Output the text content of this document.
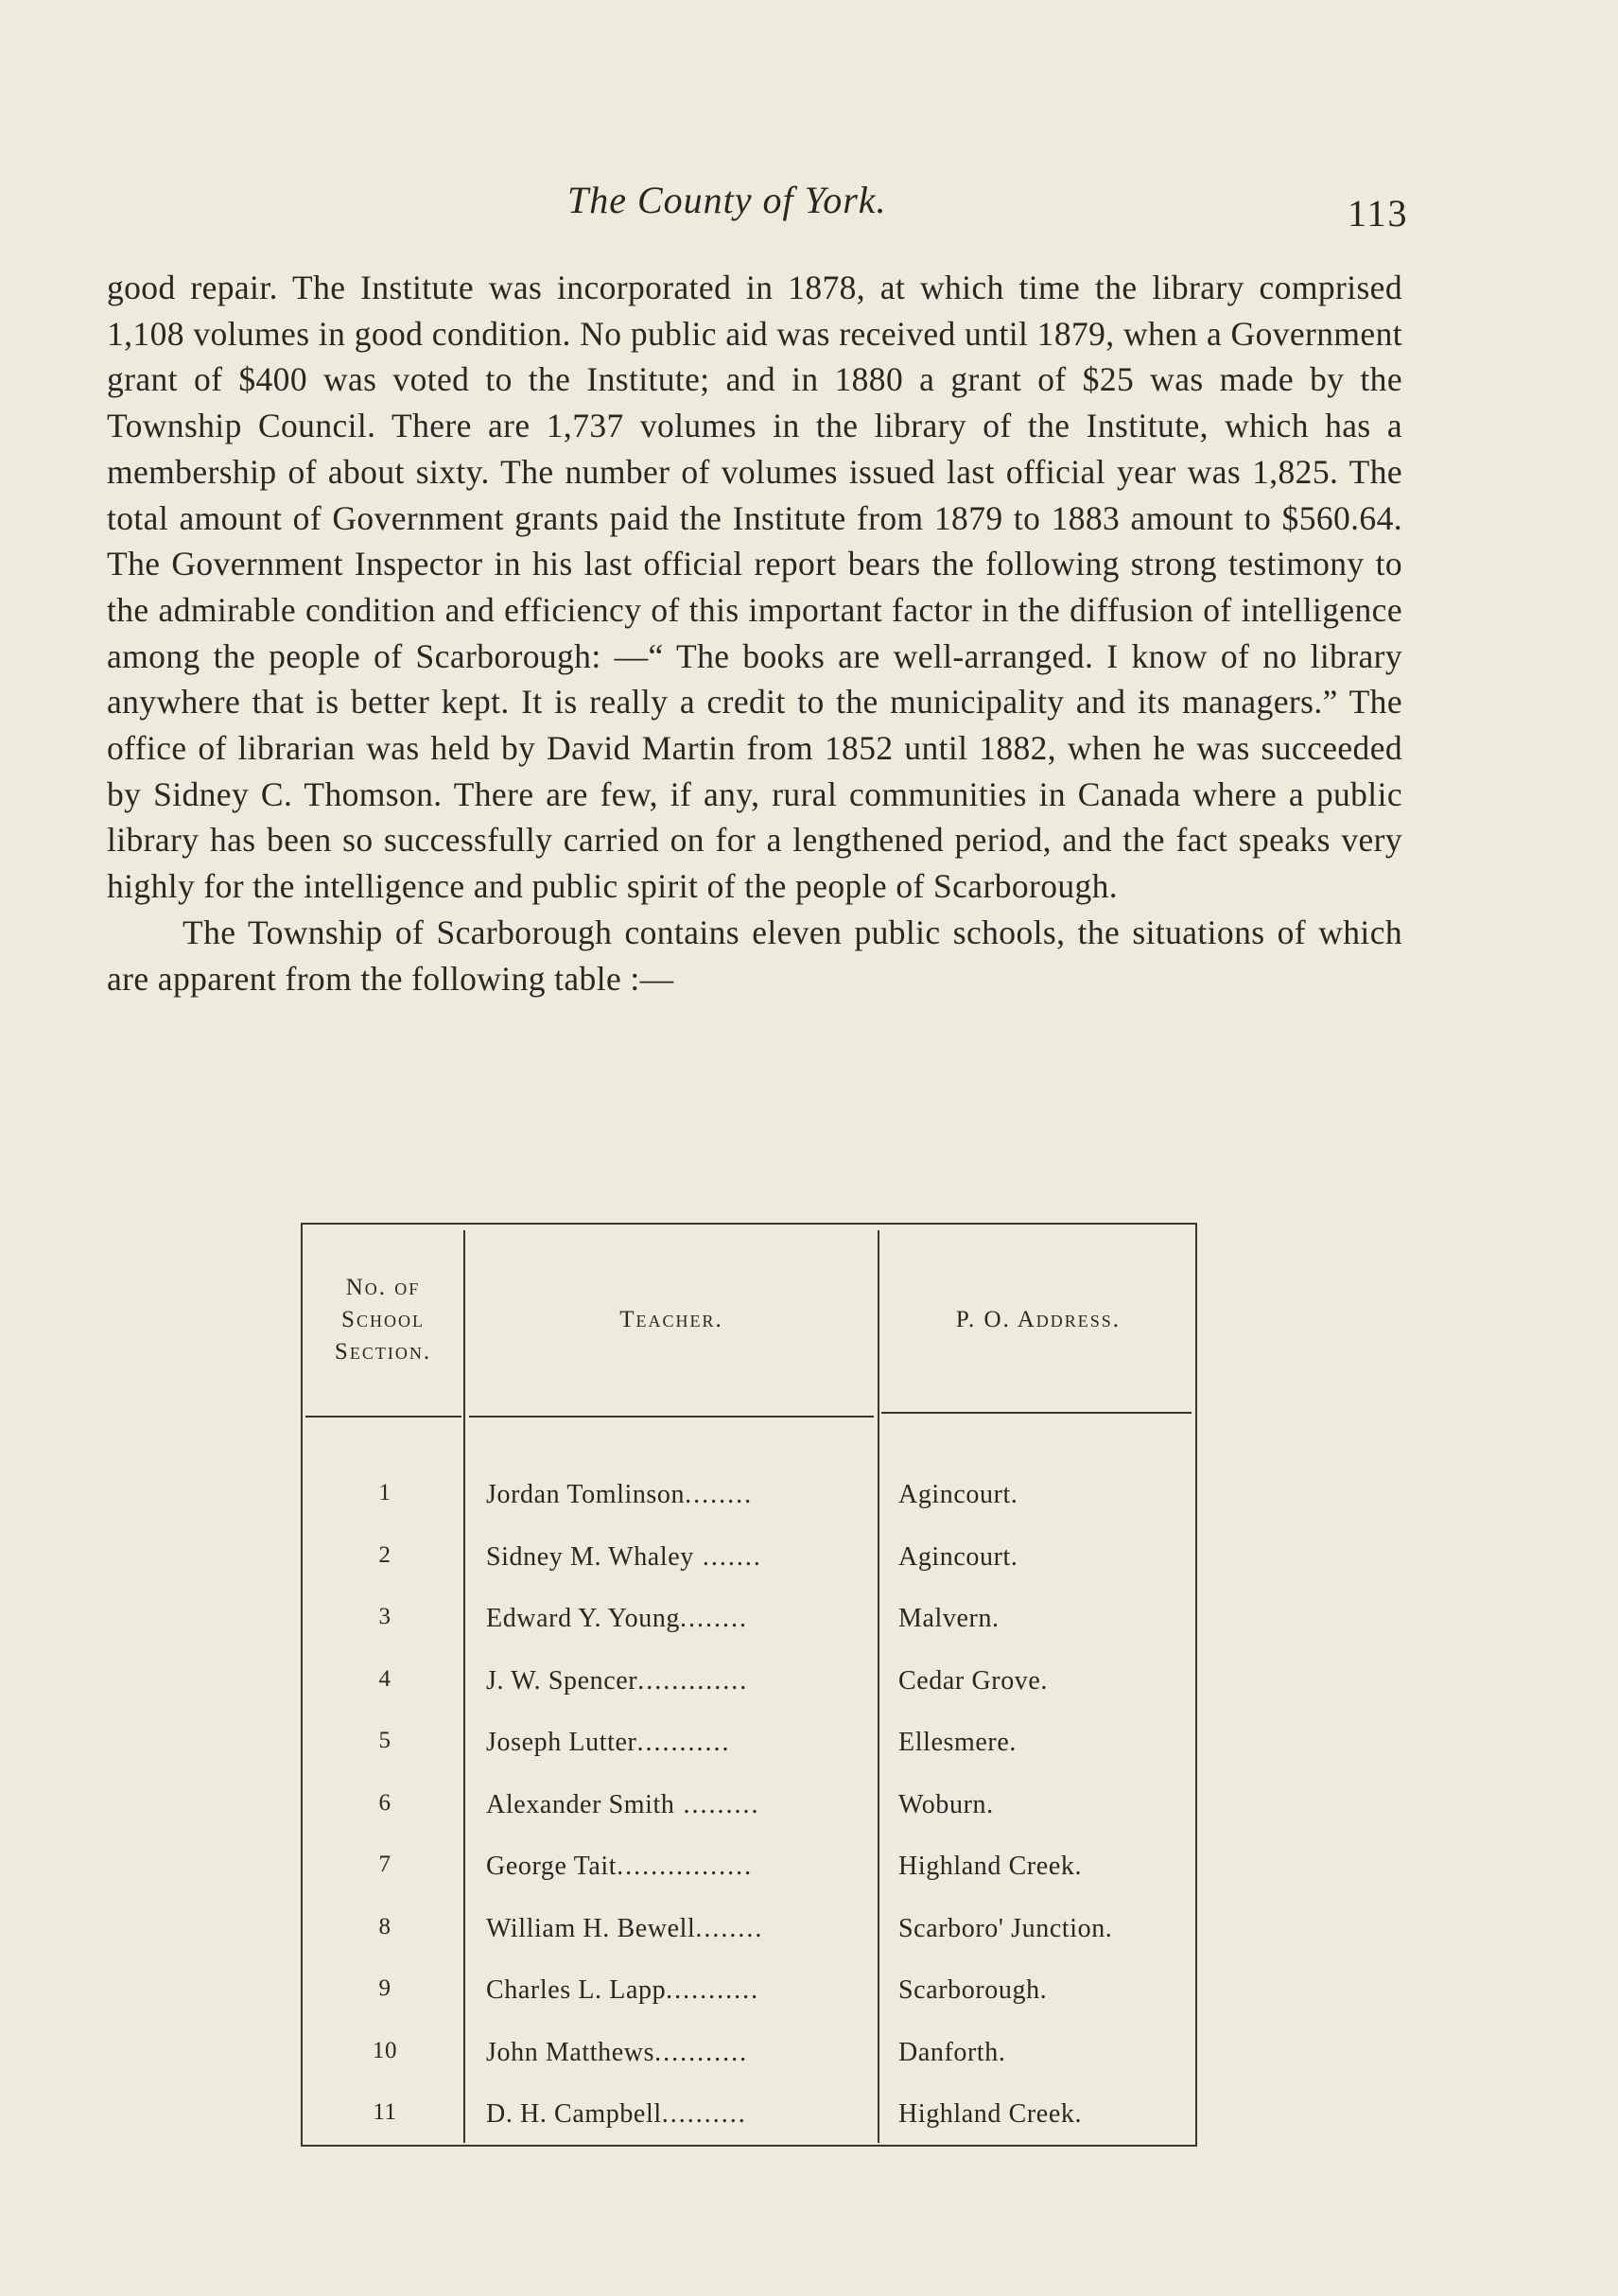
The County of York.	113

good repair. The Institute was incorporated in 1878, at which time the library comprised 1,108 volumes in good condition. No public aid was received until 1879, when a Government grant of $400 was voted to the Institute; and in 1880 a grant of $25 was made by the Township Council. There are 1,737 volumes in the library of the Institute, which has a membership of about sixty. The number of volumes issued last official year was 1,825. The total amount of Government grants paid the Institute from 1879 to 1883 amount to $560.64. The Government Inspector in his last official report bears the following strong testimony to the admirable condition and efficiency of this important factor in the diffusion of intelligence among the people of Scarborough: —“ The books are well-arranged. I know of no library anywhere that is better kept. It is really a credit to the municipality and its managers.” The office of librarian was held by David Martin from 1852 until 1882, when he was succeeded by Sidney C. Thomson. There are few, if any, rural communities in Canada where a public library has been so successfully carried on for a lengthened period, and the fact speaks very highly for the intelligence and public spirit of the people of Scarborough.

The Township of Scarborough contains eleven public schools, the situations of which are apparent from the following table :—

No. of
School
Section.
Teacher.	P. O. Address.
1	Jordan Tomlinson........	Agincourt.
2	Sidney M. Whaley .......	Agincourt.
3	Edward Y. Young........	Malvern.
4	J. W. Spencer.............	Cedar Grove.
5	Joseph Lutter...........	Ellesmere.
6	Alexander Smith .........	Woburn.
7	George Tait................	Highland Creek.
8	William H. Bewell........	Scarboro' Junction.
9	Charles L. Lapp...........	Scarborough.
10	John Matthews...........	Danforth.
11	D. H. Campbell..........	Highland Creek.
